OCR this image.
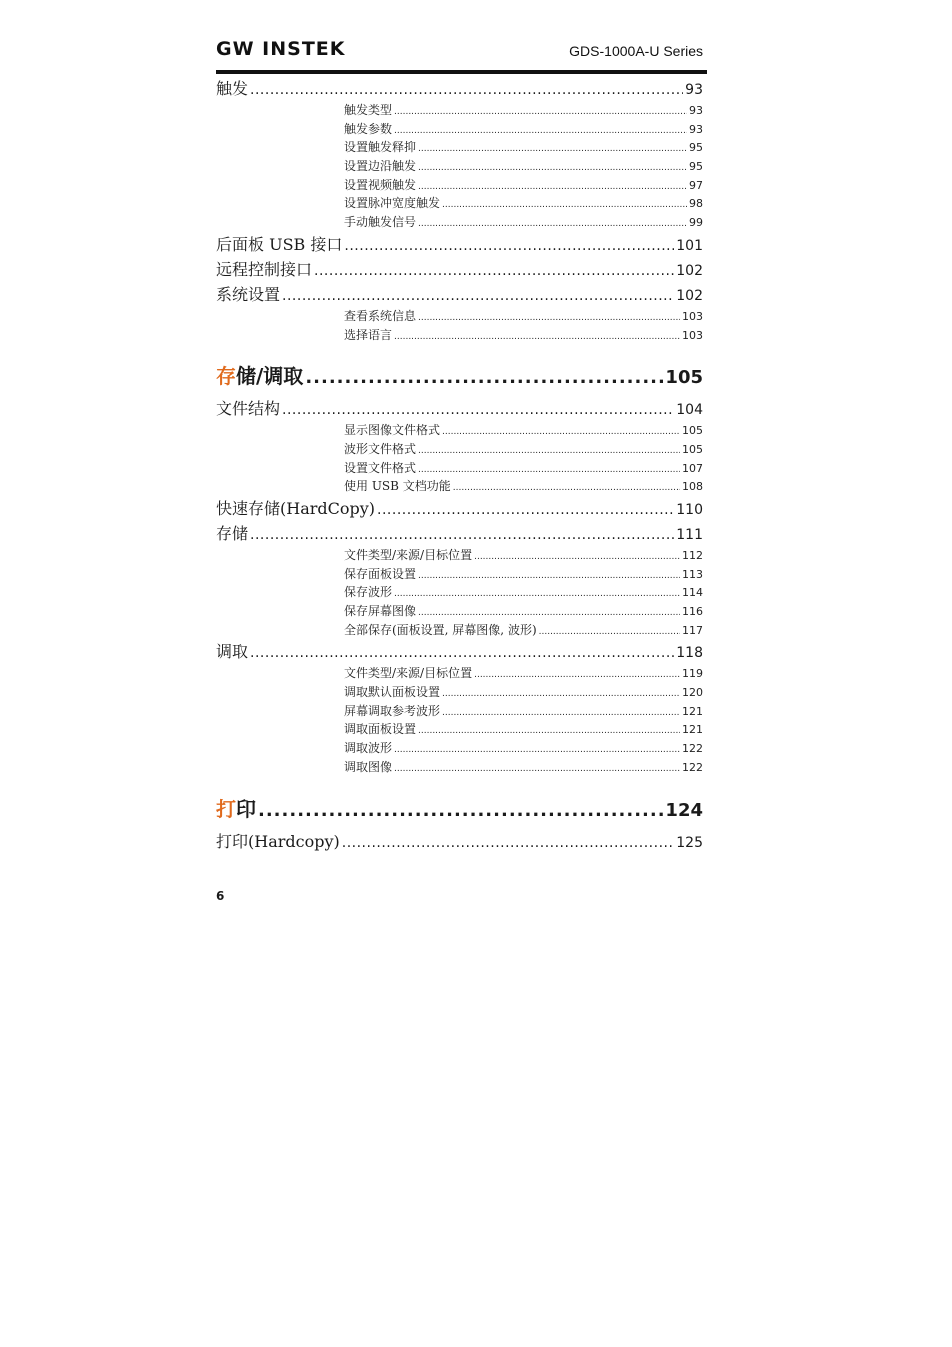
GW INSTEK	GDS-1000A-U Series
触发 .....	93
触发类型 .....	93
触发参数 .....	93
设置触发释抑 .....	95
设置边沿触发 .....	95
设置视频触发 .....	97
设置脉冲宽度触发 .....	98
手动触发信号 .....	99
后面板 USB 接口 .....	101
远程控制接口 .....	102
系统设置 .....	102
查看系统信息 .....	103
选择语言 .....	103
存储/调取 .....	105
文件结构 .....	104
显示图像文件格式 .....	105
波形文件格式 .....	105
设置文件格式 .....	107
使用 USB 文档功能 .....	108
快速存储(HardCopy) .....	110
存储 .....	111
文件类型/来源/目标位置 .....	112
保存面板设置 .....	113
保存波形 .....	114
保存屏幕图像 .....	116
全部保存(面板设置, 屏幕图像, 波形) .....	117
调取 .....	118
文件类型/来源/目标位置 .....	119
调取默认面板设置 .....	120
屏幕调取参考波形 .....	121
调取面板设置 .....	121
调取波形 .....	122
调取图像 .....	122
打印 .....	124
打印(Hardcopy) .....	125
6
